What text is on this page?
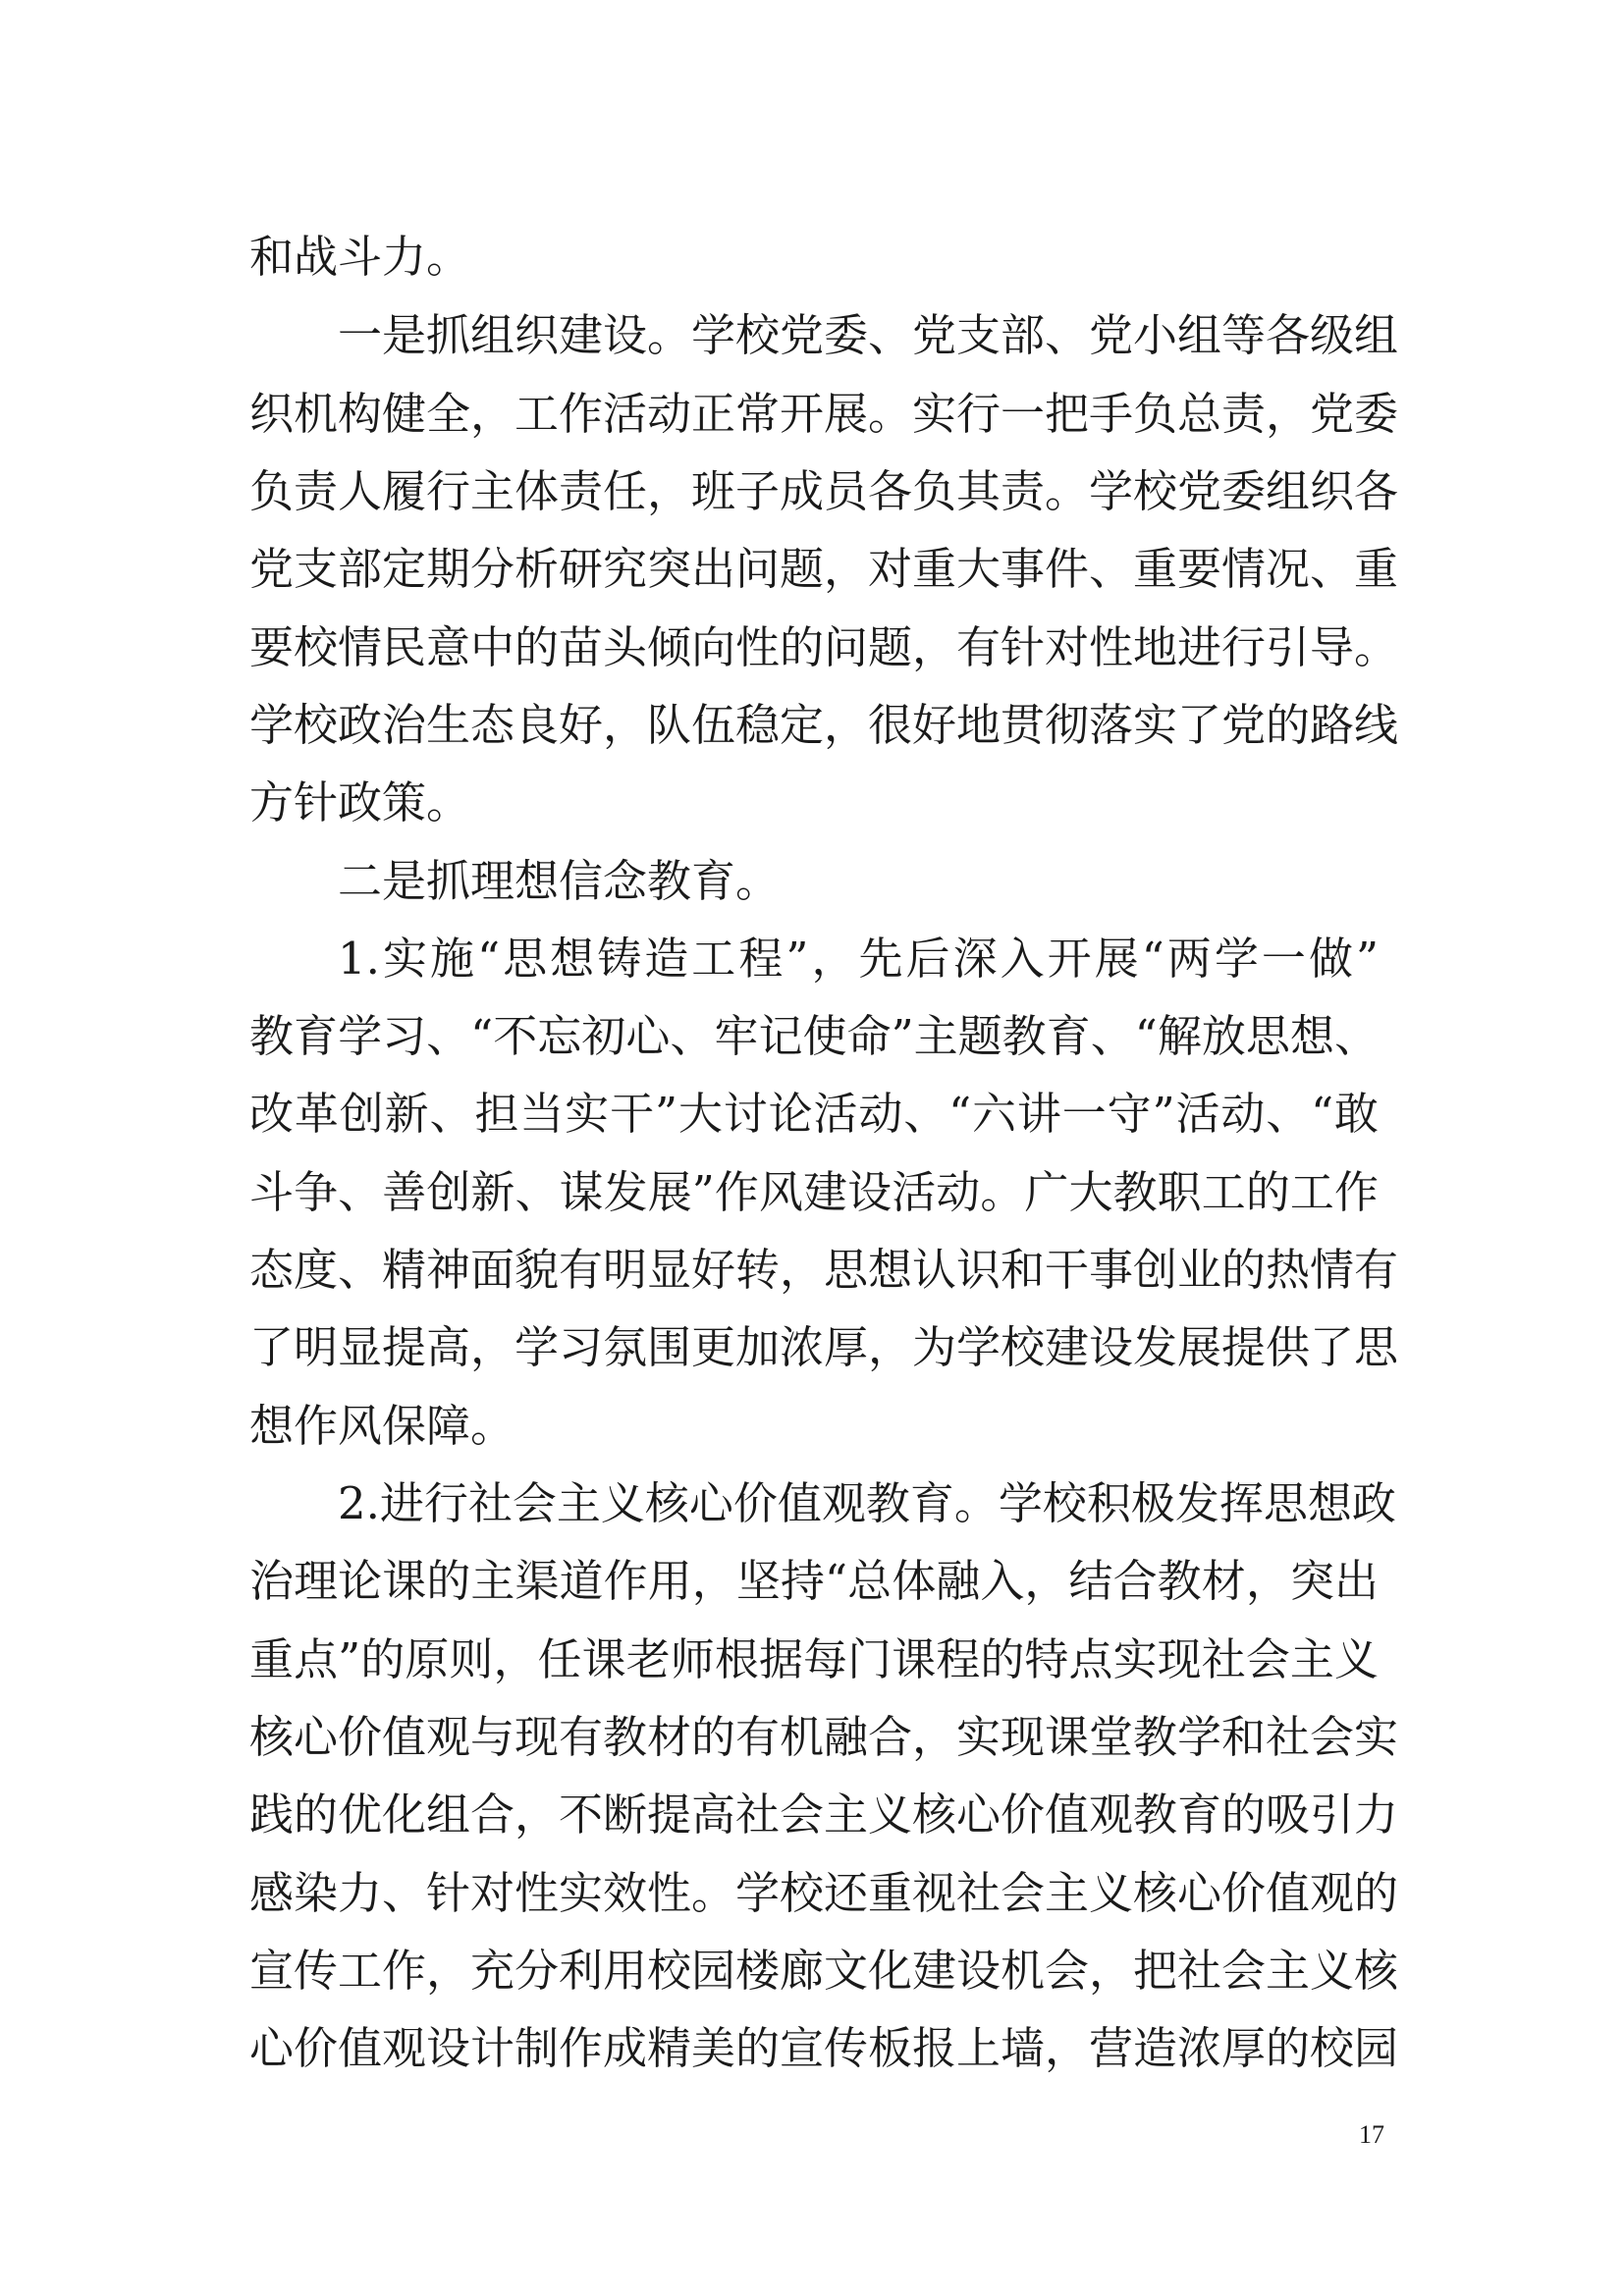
和战斗力。
一是抓组织建设。学校党委、党支部、党小组等各级组
织机构健全，工作活动正常开展。实行一把手负总责，党委
负责人履行主体责任，班子成员各负其责。学校党委组织各
党支部定期分析研究突出问题，对重大事件、重要情况、重
要校情民意中的苗头倾向性的问题，有针对性地进行引导。
学校政治生态良好，队伍稳定，很好地贯彻落实了党的路线
方针政策。
二是抓理想信念教育。
1.实施“思想铸造工程”，先后深入开展“两学一做”
教育学习、“不忘初心、牢记使命”主题教育、“解放思想、
改革创新、担当实干”大讨论活动、“六讲一守”活动、“敢
斗争、善创新、谋发展”作风建设活动。广大教职工的工作
态度、精神面貌有明显好转，思想认识和干事创业的热情有
了明显提高，学习氛围更加浓厚，为学校建设发展提供了思
想作风保障。
2.进行社会主义核心价值观教育。学校积极发挥思想政
治理论课的主渠道作用，坚持“总体融入，结合教材，突出
重点”的原则，任课老师根据每门课程的特点实现社会主义
核心价值观与现有教材的有机融合，实现课堂教学和社会实
践的优化组合，不断提高社会主义核心价值观教育的吸引力
感染力、针对性实效性。学校还重视社会主义核心价值观的
宣传工作，充分利用校园楼廊文化建设机会，把社会主义核
心价值观设计制作成精美的宣传板报上墙，营造浓厚的校园
17
